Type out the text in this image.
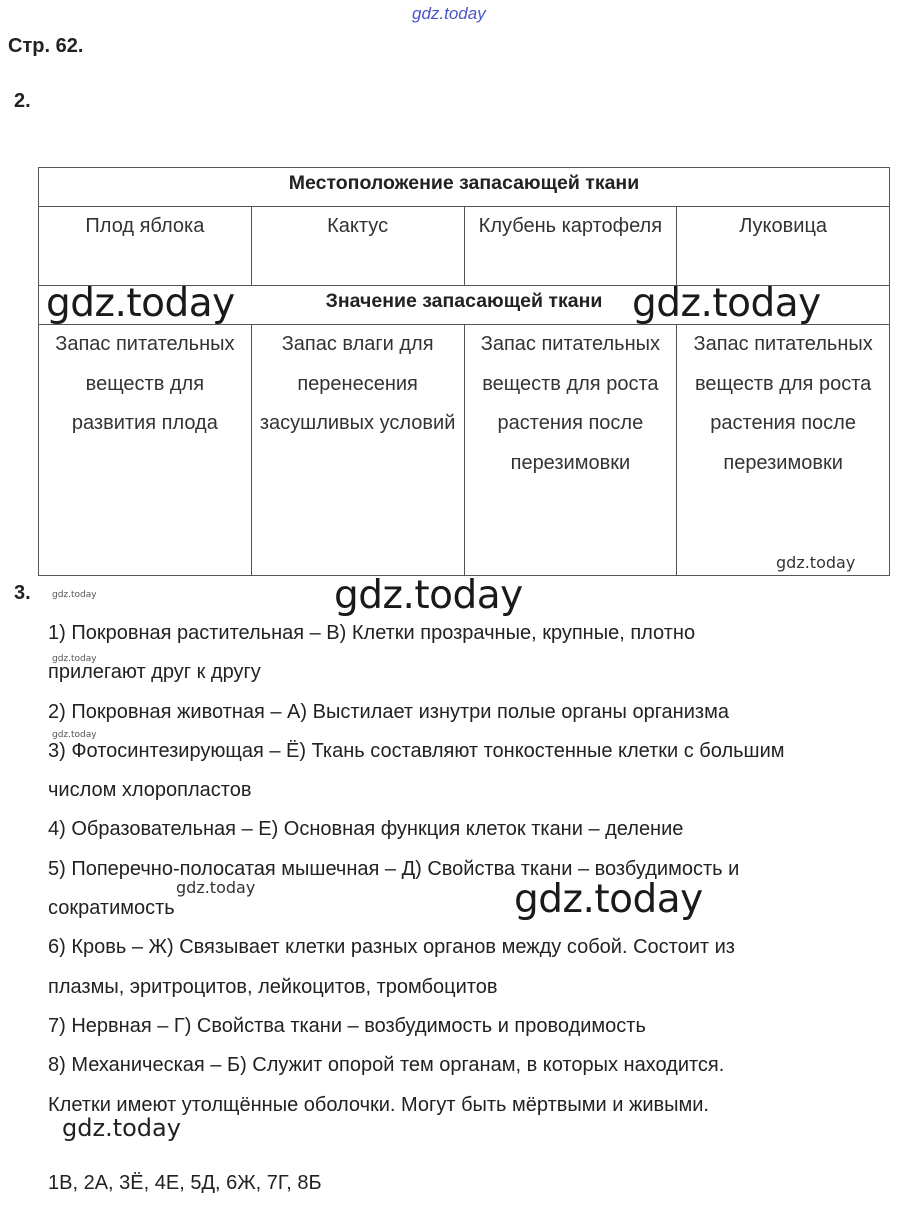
gdz.today
Стр. 62.
2.
Местоположение запасающей ткани			
Плод яблока	Кактус	Клубень картофеля	Луковица
Значение запасающей ткани			
Запас питательных веществ для развития плода	Запас влаги для перенесения засушливых условий	Запас питательных веществ для роста растения после перезимовки	Запас питательных веществ для роста растения после перезимовки
gdz.today	gdz.today
gdz.today
3.
1) Покровная растительная – В) Клетки прозрачные, крупные, плотно
прилегают друг к другу
2) Покровная животная – А) Выстилает изнутри полые органы организма
3) Фотосинтезирующая – Ё) Ткань составляют тонкостенные клетки с большим
числом хлоропластов
4) Образовательная – Е) Основная функция клеток ткани – деление
5) Поперечно-полосатая мышечная – Д) Свойства ткани – возбудимость и
сократимость
6) Кровь – Ж) Связывает клетки разных органов между собой. Состоит из
плазмы, эритроцитов, лейкоцитов, тромбоцитов
7) Нервная – Г) Свойства ткани – возбудимость и проводимость
8) Механическая – Б) Служит опорой тем органам, в которых находится.
Клетки имеют утолщённые оболочки. Могут быть мёртвыми и живыми.
gdz.today
gdz.today
gdz.today
gdz.today
gdz.today	gdz.today
gdz.today
1В, 2А, 3Ё, 4Е, 5Д, 6Ж, 7Г, 8Б
